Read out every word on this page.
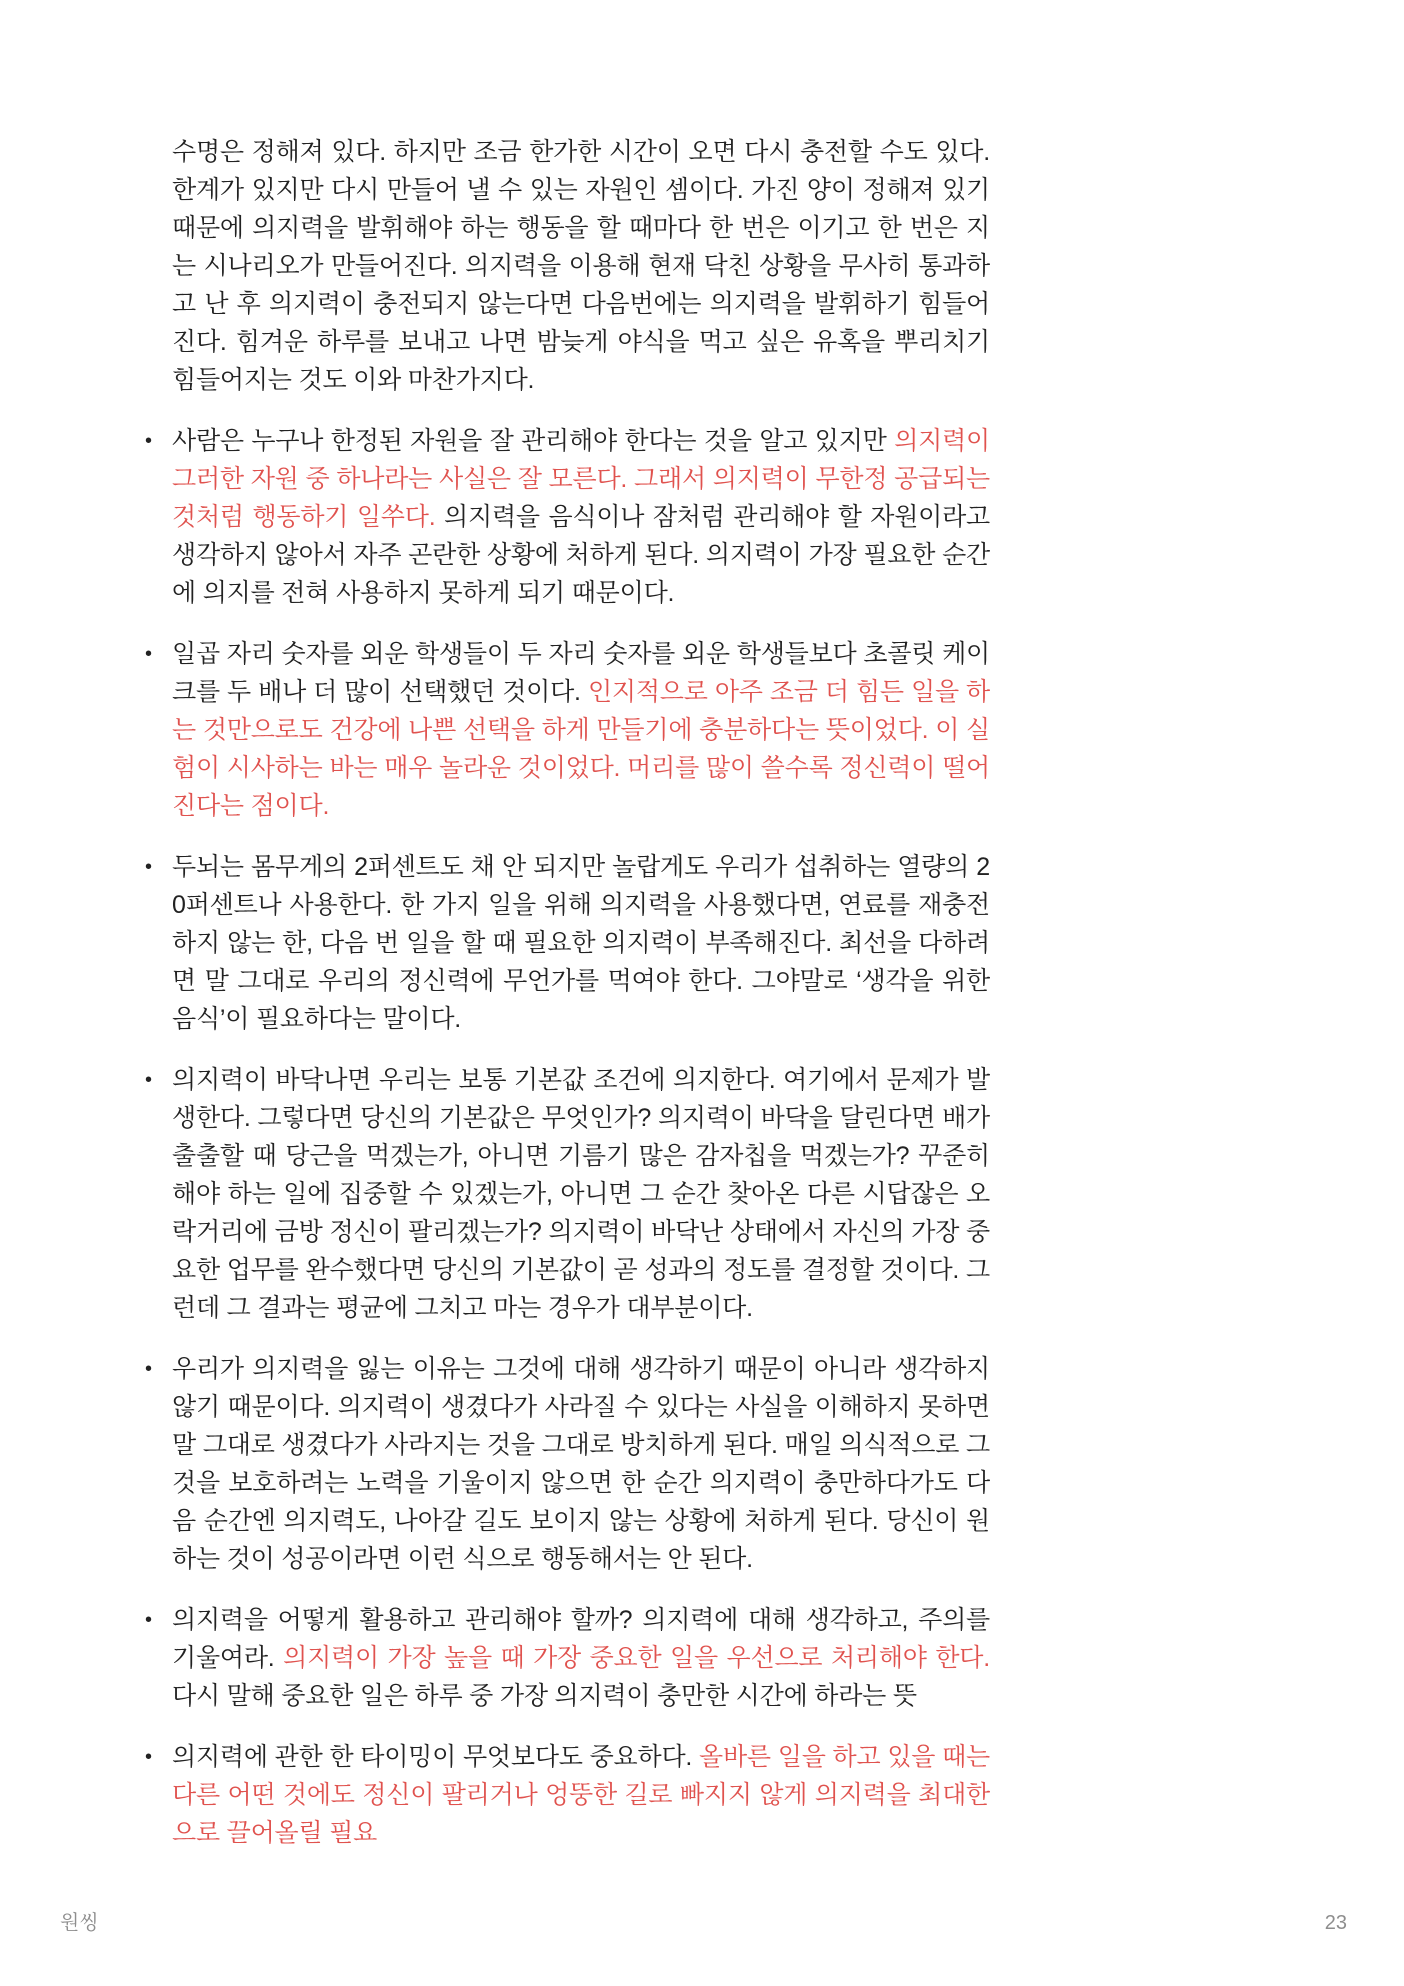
수명은 정해져 있다. 하지만 조금 한가한 시간이 오면 다시 충전할 수도 있다. 한계가 있지만 다시 만들어 낼 수 있는 자원인 셈이다. 가진 양이 정해져 있기 때문에 의지력을 발휘해야 하는 행동을 할 때마다 한 번은 이기고 한 번은 지는 시나리오가 만들어진다. 의지력을 이용해 현재 닥친 상황을 무사히 통과하고 난 후 의지력이 충전되지 않는다면 다음번에는 의지력을 발휘하기 힘들어진다. 힘겨운 하루를 보내고 나면 밤늦게 야식을 먹고 싶은 유혹을 뿌리치기 힘들어지는 것도 이와 마찬가지다.
• 사람은 누구나 한정된 자원을 잘 관리해야 한다는 것을 알고 있지만 의지력이 그러한 자원 중 하나라는 사실은 잘 모른다. 그래서 의지력이 무한정 공급되는 것처럼 행동하기 일쑤다. 의지력을 음식이나 잠처럼 관리해야 할 자원이라고 생각하지 않아서 자주 곤란한 상황에 처하게 된다. 의지력이 가장 필요한 순간에 의지를 전혀 사용하지 못하게 되기 때문이다.
• 일곱 자리 숫자를 외운 학생들이 두 자리 숫자를 외운 학생들보다 초콜릿 케이크를 두 배나 더 많이 선택했던 것이다. 인지적으로 아주 조금 더 힘든 일을 하는 것만으로도 건강에 나쁜 선택을 하게 만들기에 충분하다는 뜻이었다. 이 실험이 시사하는 바는 매우 놀라운 것이었다. 머리를 많이 쓸수록 정신력이 떨어진다는 점이다.
• 두뇌는 몸무게의 2퍼센트도 채 안 되지만 놀랍게도 우리가 섭취하는 열량의 20퍼센트나 사용한다. 한 가지 일을 위해 의지력을 사용했다면, 연료를 재충전하지 않는 한, 다음 번 일을 할 때 필요한 의지력이 부족해진다. 최선을 다하려면 말 그대로 우리의 정신력에 무언가를 먹여야 한다. 그야말로 ‘생각을 위한 음식’이 필요하다는 말이다.
• 의지력이 바닥나면 우리는 보통 기본값 조건에 의지한다. 여기에서 문제가 발생한다. 그렇다면 당신의 기본값은 무엇인가? 의지력이 바닥을 달린다면 배가 출출할 때 당근을 먹겠는가, 아니면 기름기 많은 감자칩을 먹겠는가? 꾸준히 해야 하는 일에 집중할 수 있겠는가, 아니면 그 순간 찾아온 다른 시답잖은 오락거리에 금방 정신이 팔리겠는가? 의지력이 바닥난 상태에서 자신의 가장 중요한 업무를 완수했다면 당신의 기본값이 곧 성과의 정도를 결정할 것이다. 그런데 그 결과는 평균에 그치고 마는 경우가 대부분이다.
• 우리가 의지력을 잃는 이유는 그것에 대해 생각하기 때문이 아니라 생각하지 않기 때문이다. 의지력이 생겼다가 사라질 수 있다는 사실을 이해하지 못하면 말 그대로 생겼다가 사라지는 것을 그대로 방치하게 된다. 매일 의식적으로 그것을 보호하려는 노력을 기울이지 않으면 한 순간 의지력이 충만하다가도 다음 순간엔 의지력도, 나아갈 길도 보이지 않는 상황에 처하게 된다. 당신이 원하는 것이 성공이라면 이런 식으로 행동해서는 안 된다.
• 의지력을 어떻게 활용하고 관리해야 할까? 의지력에 대해 생각하고, 주의를 기울여라. 의지력이 가장 높을 때 가장 중요한 일을 우선으로 처리해야 한다. 다시 말해 중요한 일은 하루 중 가장 의지력이 충만한 시간에 하라는 뜻
• 의지력에 관한 한 타이밍이 무엇보다도 중요하다. 올바른 일을 하고 있을 때는 다른 어떤 것에도 정신이 팔리거나 엉뚱한 길로 빠지지 않게 의지력을 최대한으로 끌어올릴 필요
원씽	23
